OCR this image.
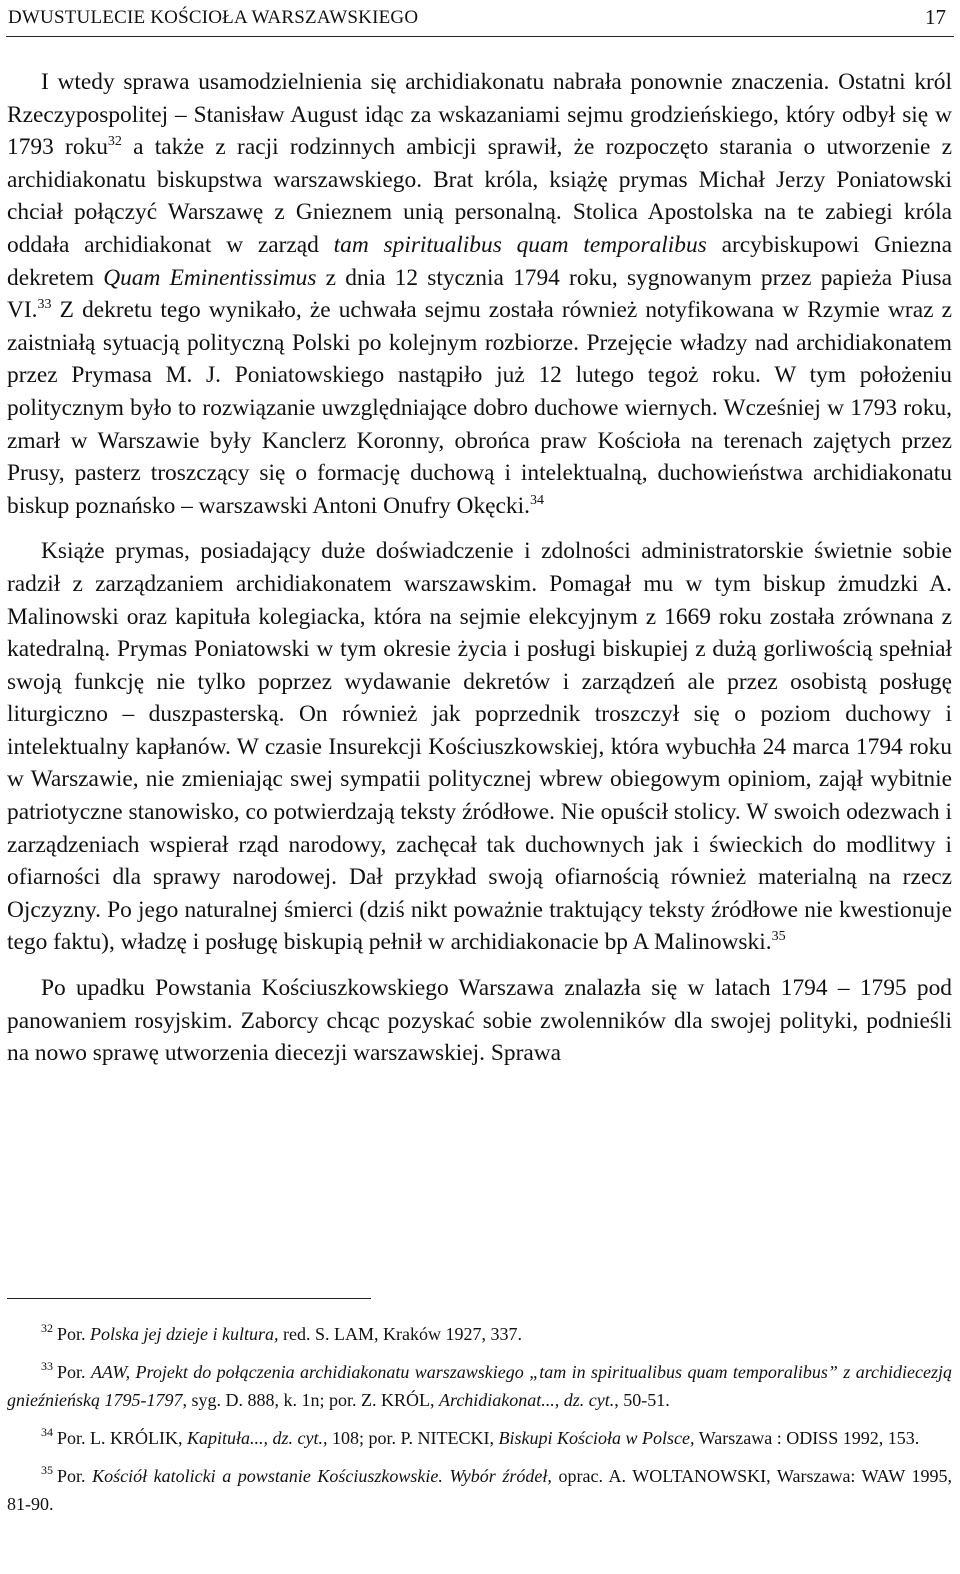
DWUSTULECIE KOŚCIOŁA WARSZAWSKIEGO	17

I wtedy sprawa usamodzielnienia się archidiakonatu nabrała ponownie znaczenia. Ostatni król Rzeczypospolitej – Stanisław August idąc za wskazaniami sejmu grodzieńskiego, który odbył się w 1793 roku$^{32}$ a także z racji rodzinnych ambicji sprawił, że rozpoczęto starania o utworzenie z archidiakonatu biskupstwa warszawskiego. Brat króla, książę prymas Michał Jerzy Poniatowski chciał połączyć Warszawę z Gnieznem unią personalną. Stolica Apostolska na te zabiegi króla oddała archidiakonat w zarząd tam spiritualibus quam temporalibus arcybiskupowi Gniezna dekretem Quam Eminentissimus z dnia 12 stycznia 1794 roku, sygnowanym przez papieża Piusa VI.$^{33}$ Z dekretu tego wynikało, że uchwała sejmu została również notyfikowana w Rzymie wraz z zaistniałą sytuacją polityczną Polski po kolejnym rozbiorze. Przejęcie władzy nad archidiakonatem przez Prymasa M. J. Poniatowskiego nastąpiło już 12 lutego tegoż roku. W tym położeniu politycznym było to rozwiązanie uwzględniające dobro duchowe wiernych. Wcześniej w 1793 roku, zmarł w Warszawie były Kanclerz Koronny, obrońca praw Kościoła na terenach zajętych przez Prusy, pasterz troszczący się o formację duchową i intelektualną, duchowieństwa archidiakonatu biskup poznańsko – warszawski Antoni Onufry Okęcki.$^{34}$

Książe prymas, posiadający duże doświadczenie i zdolności administratorskie świetnie sobie radził z zarządzaniem archidiakonatem warszawskim. Pomagał mu w tym biskup żmudzki A. Malinowski oraz kapituła kolegiacka, która na sejmie elekcyjnym z 1669 roku została zrównana z katedralną. Prymas Poniatowski w tym okresie życia i posługi biskupiej z dużą gorliwością spełniał swoją funkcję nie tylko poprzez wydawanie dekretów i zarządzeń ale przez osobistą posługę liturgiczno – duszpasterską. On również jak poprzednik troszczył się o poziom duchowy i intelektualny kapłanów. W czasie Insurekcji Kościuszkowskiej, która wybuchła 24 marca 1794 roku w Warszawie, nie zmieniając swej sympatii politycznej wbrew obiegowym opiniom, zajął wybitnie patriotyczne stanowisko, co potwierdzają teksty źródłowe. Nie opuścił stolicy. W swoich odezwach i zarządzeniach wspierał rząd narodowy, zachęcał tak duchownych jak i świeckich do modlitwy i ofiarności dla sprawy narodowej. Dał przykład swoją ofiarnością również materialną na rzecz Ojczyzny. Po jego naturalnej śmierci (dziś nikt poważnie traktujący teksty źródłowe nie kwestionuje tego faktu), władzę i posługę biskupią pełnił w archidiakonacie bp A Malinowski.$^{35}$

Po upadku Powstania Kościuszkowskiego Warszawa znalazła się w latach 1794 – 1795 pod panowaniem rosyjskim. Zaborcy chcąc pozyskać sobie zwolenników dla swojej polityki, podnieśli na nowo sprawę utworzenia diecezji warszawskiej. Sprawa

$^{32}$ Por. Polska jej dzieje i kultura, red. S. LAM, Kraków 1927, 337.

$^{33}$ Por. AAW, Projekt do połączenia archidiakonatu warszawskiego „tam in spiritualibus quam temporalibus” z archidiecezją gnieźnieńską 1795-1797, syg. D. 888, k. 1n; por. Z. KRÓL, Archidiakonat..., dz. cyt., 50-51.

$^{34}$ Por. L. KRÓLIK, Kapituła..., dz. cyt., 108; por. P. NITECKI, Biskupi Kościoła w Polsce, Warszawa : ODISS 1992, 153.

$^{35}$ Por. Kościół katolicki a powstanie Kościuszkowskie. Wybór źródeł, oprac. A. WOLTANOWSKI, Warszawa: WAW 1995, 81-90.
